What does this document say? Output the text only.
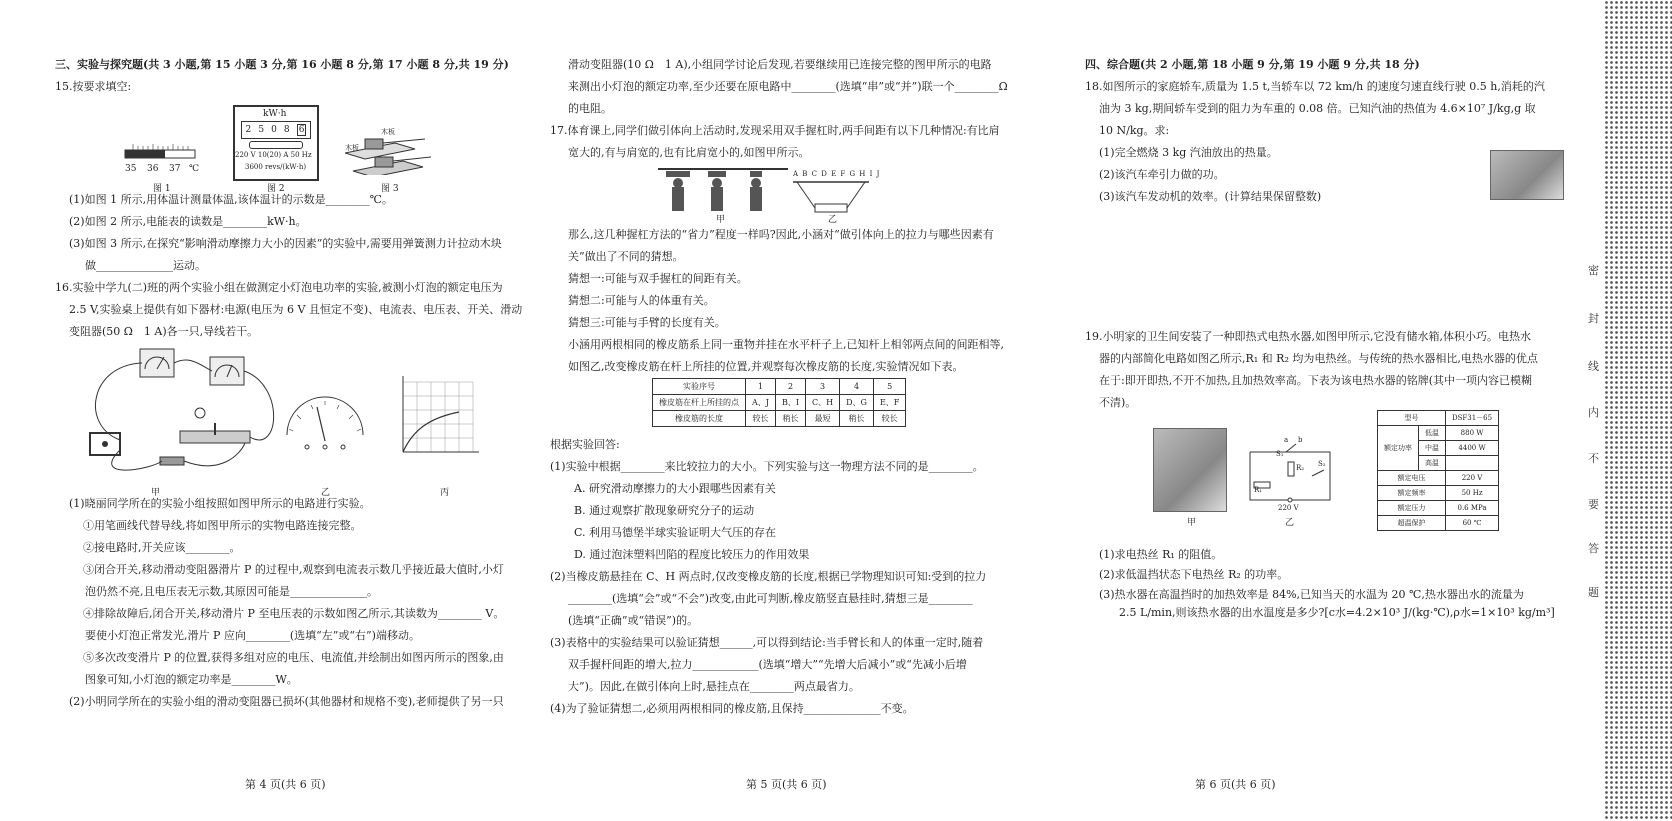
三、实验与探究题(共 3 小题,第 15 小题 3 分,第 16 小题 8 分,第 17 小题 8 分,共 19 分)
15.按要求填空:
35 36 37 ℃
图 1
kW·h
2 5 0 8 6
220 V 10(20) A 50 Hz
3600 revs/(kW·h)
图 2
木板
木板
图 3
(1)如图 1 所示,用体温计测量体温,该体温计的示数是________℃。
(2)如图 2 所示,电能表的读数是________kW·h。
(3)如图 3 所示,在探究“影响滑动摩擦力大小的因素”的实验中,需要用弹簧测力计拉动木块
做______________运动。
16.实验中学九(二)班的两个实验小组在做测定小灯泡电功率的实验,被测小灯泡的额定电压为
2.5 V,实验桌上提供有如下器材:电源(电压为 6 V 且恒定不变)、电流表、电压表、开关、滑动
变阻器(50 Ω　1 A)各一只,导线若干。
甲	乙	丙
(1)晓丽同学所在的实验小组按照如图甲所示的电路进行实验。
①用笔画线代替导线,将如图甲所示的实物电路连接完整。
②接电路时,开关应该________。
③闭合开关,移动滑动变阻器滑片 P 的过程中,观察到电流表示数几乎接近最大值时,小灯
泡仍然不亮,且电压表无示数,其原因可能是______________。
④排除故障后,闭合开关,移动滑片 P 至电压表的示数如图乙所示,其读数为________ V。
要使小灯泡正常发光,滑片 P 应向________(选填“左”或“右”)端移动。
⑤多次改变滑片 P 的位置,获得多组对应的电压、电流值,并绘制出如图丙所示的图象,由
图象可知,小灯泡的额定功率是________W。
(2)小明同学所在的实验小组的滑动变阻器已损坏(其他器材和规格不变),老师提供了另一只
第 4 页(共 6 页)
滑动变阻器(10 Ω　1 A),小组同学讨论后发现,若要继续用已连接完整的图甲所示的电路
来测出小灯泡的额定功率,至少还要在原电路中________(选填“串”或“并”)联一个________Ω
的电阻。
17.体育课上,同学们做引体向上活动时,发现采用双手握杠时,两手间距有以下几种情况:有比肩
宽大的,有与肩宽的,也有比肩宽小的,如图甲所示。
甲
A B C D E F G H I J
乙
那么,这几种握杠方法的“省力”程度一样吗?因此,小涵对“做引体向上的拉力与哪些因素有
关”做出了不同的猜想。
猜想一:可能与双手握杠的间距有关。
猜想二:可能与人的体重有关。
猜想三:可能与手臂的长度有关。
小涵用两根相同的橡皮筋系上同一重物并挂在水平杆子上,已知杆上相邻两点间的间距相等,
如图乙,改变橡皮筋在杆上所挂的位置,并观察每次橡皮筋的长度,实验情况如下表。
实验序号	1	2	3	4	5
橡皮筋在杆上所挂的点	A、J	B、I	C、H	D、G	E、F
橡皮筋的长度	较长	稍长	最短	稍长	较长
根据实验回答:
(1)实验中根据________来比较拉力的大小。下列实验与这一物理方法不同的是________。
A. 研究滑动摩擦力的大小跟哪些因素有关
B. 通过观察扩散现象研究分子的运动
C. 利用马德堡半球实验证明大气压的存在
D. 通过泡沫塑料凹陷的程度比较压力的作用效果
(2)当橡皮筋悬挂在 C、H 两点时,仅改变橡皮筋的长度,根据已学物理知识可知:受到的拉力
________(选填“会”或“不会”)改变,由此可判断,橡皮筋竖直悬挂时,猜想三是________
(选填“正确”或“错误”)的。
(3)表格中的实验结果可以验证猜想______,可以得到结论:当手臂长和人的体重一定时,随着
双手握杆间距的增大,拉力____________(选填“增大”“先增大后减小”或“先减小后增
大”)。因此,在做引体向上时,悬挂点在________两点最省力。
(4)为了验证猜想二,必须用两根相同的橡皮筋,且保持______________不变。
第 5 页(共 6 页)
四、综合题(共 2 小题,第 18 小题 9 分,第 19 小题 9 分,共 18 分)
18.如图所示的家庭轿车,质量为 1.5 t,当轿车以 72 km/h 的速度匀速直线行驶 0.5 h,消耗的汽
油为 3 kg,期间轿车受到的阻力为车重的 0.08 倍。已知汽油的热值为 4.6×10⁷ J/kg,g 取
10 N/kg。求:
(1)完全燃烧 3 kg 汽油放出的热量。
(2)该汽车牵引力做的功。
(3)该汽车发动机的效率。(计算结果保留整数)
19.小明家的卫生间安装了一种即热式电热水器,如图甲所示,它没有储水箱,体积小巧。电热水
器的内部简化电路如图乙所示,R₁ 和 R₂ 均为电热丝。与传统的热水器相比,电热水器的优点
在于:即开即热,不开不加热,且加热效率高。下表为该电热水器的铭牌(其中一项内容已模糊
不清)。
甲
R₁
R₂
S₁
S₂
a b
220 V
乙
型号		DSF31－65
额定功率	低温	880 W
	中温	4400 W
	高温	
额定电压		220 V
额定频率		50 Hz
额定压力		0.6 MPa
超温保护		60 ℃
(1)求电热丝 R₁ 的阻值。
(2)求低温挡状态下电热丝 R₂ 的功率。
(3)热水器在高温挡时的加热效率是 84%,已知当天的水温为 20 ℃,热水器出水的流量为
2.5 L/min,则该热水器的出水温度是多少?[c水=4.2×10³ J/(kg·℃),ρ水=1×10³ kg/m³]
第 6 页(共 6 页)
密
封
线
内
不
要
答
题
